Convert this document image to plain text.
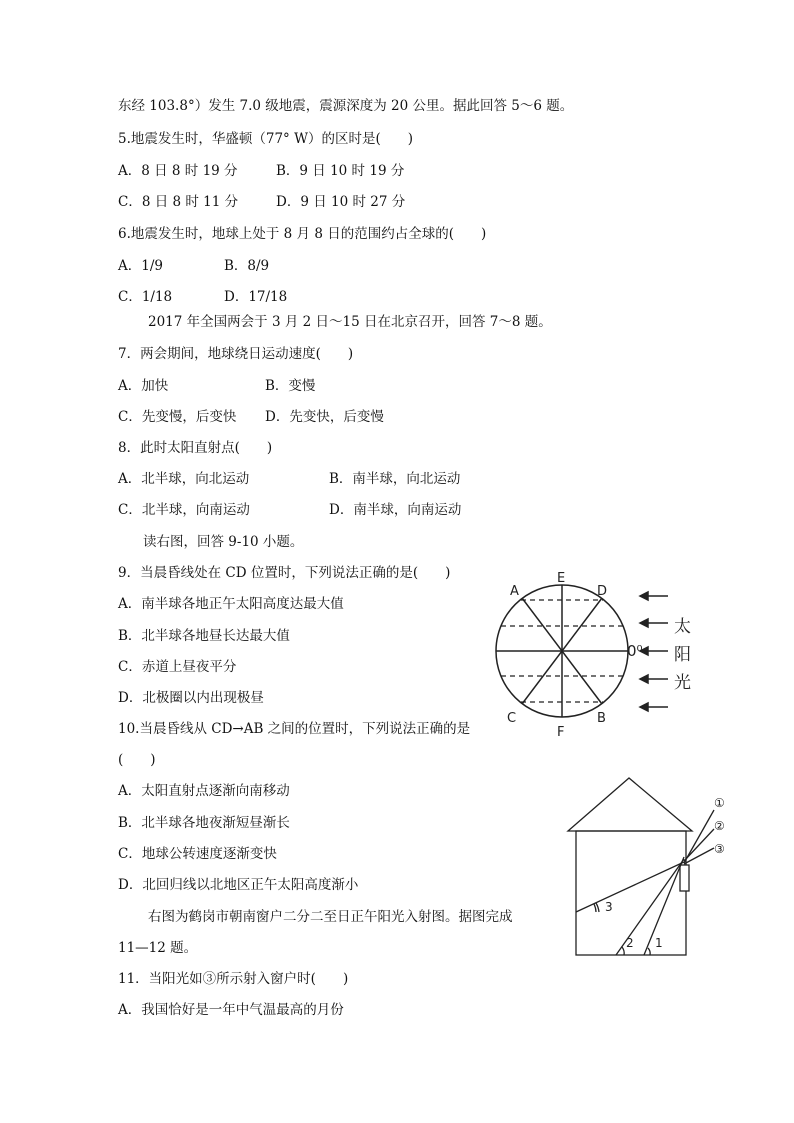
东经 103.8°）发生 7.0 级地震，震源深度为 20 公里。据此回答 5～6 题。
5.地震发生时，华盛顿（77° W）的区时是(　　)
A．8 日 8 时 19 分	B．9 日 10 时 19 分
C．8 日 8 时 11 分	D．9 日 10 时 27 分
6.地震发生时，地球上处于 8 月 8 日的范围约占全球的(　　)
A．1/9	B．8/9
C．1/18	D．17/18
2017 年全国两会于 3 月 2 日～15 日在北京召开，回答 7～8 题。
7．两会期间，地球绕日运动速度(　　)
A．加快	B．变慢
C．先变慢，后变快 D．先变快，后变慢
8．此时太阳直射点(　　)
A．北半球，向北运动	B．南半球，向北运动
C．北半球，向南运动	D．南半球，向南运动
读右图，回答 9-10 小题。
9．当晨昏线处在 CD 位置时，下列说法正确的是(　　)
A．南半球各地正午太阳高度达最大值
B．北半球各地昼长达最大值
C．赤道上昼夜平分
D．北极圈以内出现极昼
10.当晨昏线从 CD→AB 之间的位置时，下列说法正确的是
(　　)
A．太阳直射点逐渐向南移动
B．北半球各地夜渐短昼渐长
C．地球公转速度逐渐变快
D．北回归线以北地区正午太阳高度渐小
右图为鹤岗市朝南窗户二分二至日正午阳光入射图。据图完成
11—12 题。
11．当阳光如③所示射入窗户时(　　)
A．我国恰好是一年中气温最高的月份
A
E
D
C
F
B
0⁰
太
阳
光
①
②
③
3
2 1
